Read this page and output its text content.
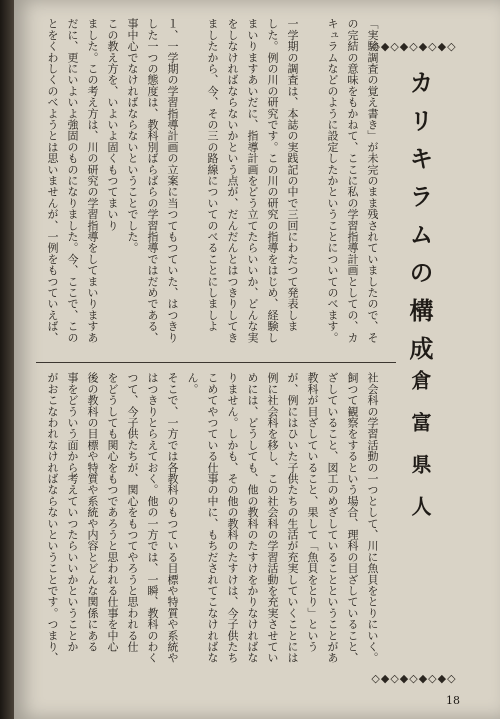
◇◆◇◆◇◆◇◆◇
カリキラムの構成
倉富県人
◇◆◇◆◇◆◇◆◇
「実験調査の覚え書き」が未完のまま残されていましたので、そ
の完結の意味をもかねて、ここに私の学習指導計画としての、カ
キュラムなどのように設定したかということについてのべます。
一学期の調査は、本誌の実践記の中で三回にわたつて発表しま
した。例の川の研究です。この川の研究の指導をはじめ、経験し
まいりますあいだに、指導計画をどう立てたらいいか、どんな実
をしなければならないかという点が、だんだんとはつきりしてき
ましたから、今、その三の路線についてのべることにしましよ
１、一学期の学習指導計画の立案に当つてもつていた、はつきり
した一つの態度は、教科別ばらばらの学習指導ではだめである、
事中心でなければならないということでした。
この教え方を、いよいよ固くもつてまいり
ました。この考え方は、川の研究の学習指導をしてまいりますあ
だに、更にいよいよ強固のものになりました。今、ここで、この
とをくわしくのべようとは思いませんが、一例をもつていえば、
社会科の学習活動の一つとして、川に魚貝をとりにいく。
飼つて観察をするという場合、理科の目ざしていること、
ざしていること、図工のめざしていることということがあ
教科が目ざしていること、果して「魚貝をとり」という
が、例にはひいた子供たちの生活が充実していくことには
例に社会科を移し、この社会科の学習活動を充実させてい
めには、どうしても、他の教科のたすけをかりなければな
りません。しかも、その他の教科のたすけは、今子供たち
こめてやつている仕事の中に、もちだされてこなければな
ん。
そこで、一方では各教科のもつている目標や特質や系統や
はつきりとらえておく。他の一方では、一瞬、教科のわく
つて、今子供たちが、関心をもつてやろうと思われる仕
をどうしても関心をもつであろうと思われる仕事を中心
後の教科の目標や特質や系統や内容とどんな関係にある
事をどういう面から考えていつたらいいかということか
がおこなわれなければならないということです。つまり、
18
